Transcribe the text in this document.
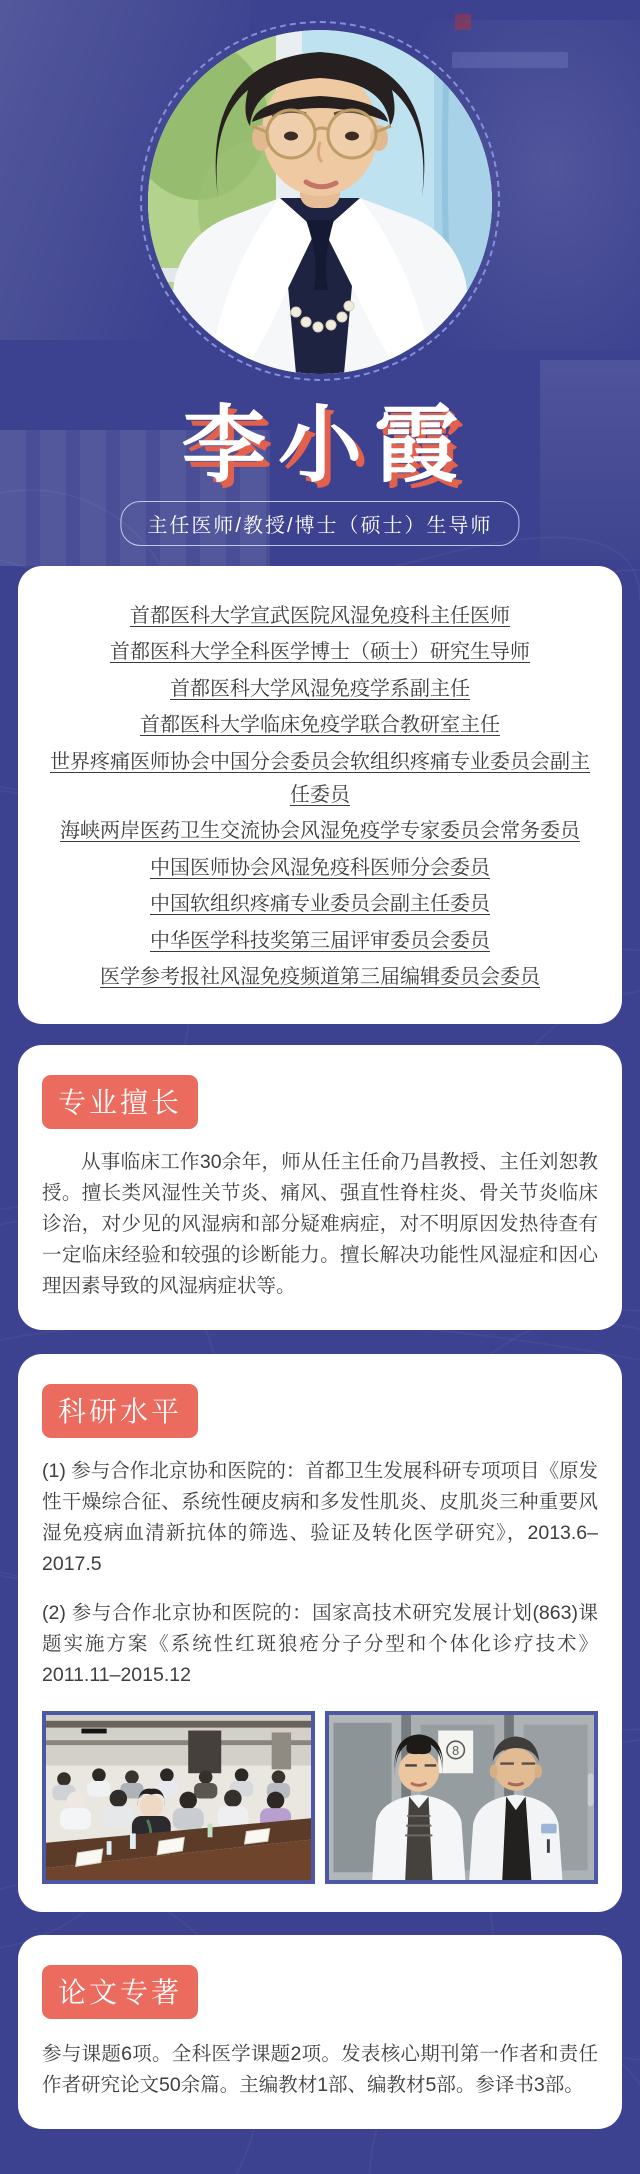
李小霞
主任医师/教授/博士（硕士）生导师
首都医科大学宣武医院风湿免疫科主任医师
首都医科大学全科医学博士（硕士）研究生导师
首都医科大学风湿免疫学系副主任
首都医科大学临床免疫学联合教研室主任
世界疼痛医师协会中国分会委员会软组织疼痛专业委员会副主任委员
海峡两岸医药卫生交流协会风湿免疫学专家委员会常务委员
中国医师协会风湿免疫科医师分会委员
中国软组织疼痛专业委员会副主任委员
中华医学科技奖第三届评审委员会委员
医学参考报社风湿免疫频道第三届编辑委员会委员
专业擅长

从事临床工作30余年，师从任主任俞乃昌教授、主任刘恕教授。擅长类风湿性关节炎、痛风、强直性脊柱炎、骨关节炎临床诊治，对少见的风湿病和部分疑难病症，对不明原因发热待查有一定临床经验和较强的诊断能力。擅长解决功能性风湿症和因心理因素导致的风湿病症状等。

科研水平

(1) 参与合作北京协和医院的：首都卫生发展科研专项项目《原发性干燥综合征、系统性硬皮病和多发性肌炎、皮肌炎三种重要风湿免疫病血清新抗体的筛选、验证及转化医学研究》，2013.6–2017.5

(2) 参与合作北京协和医院的：国家高技术研究发展计划(863)课题实施方案《系统性红斑狼疮分子分型和个体化诊疗技术》2011.11–2015.12

8
论文专著

参与课题6项。全科医学课题2项。发表核心期刊第一作者和责任作者研究论文50余篇。主编教材1部、编教材5部。参译书3部。
